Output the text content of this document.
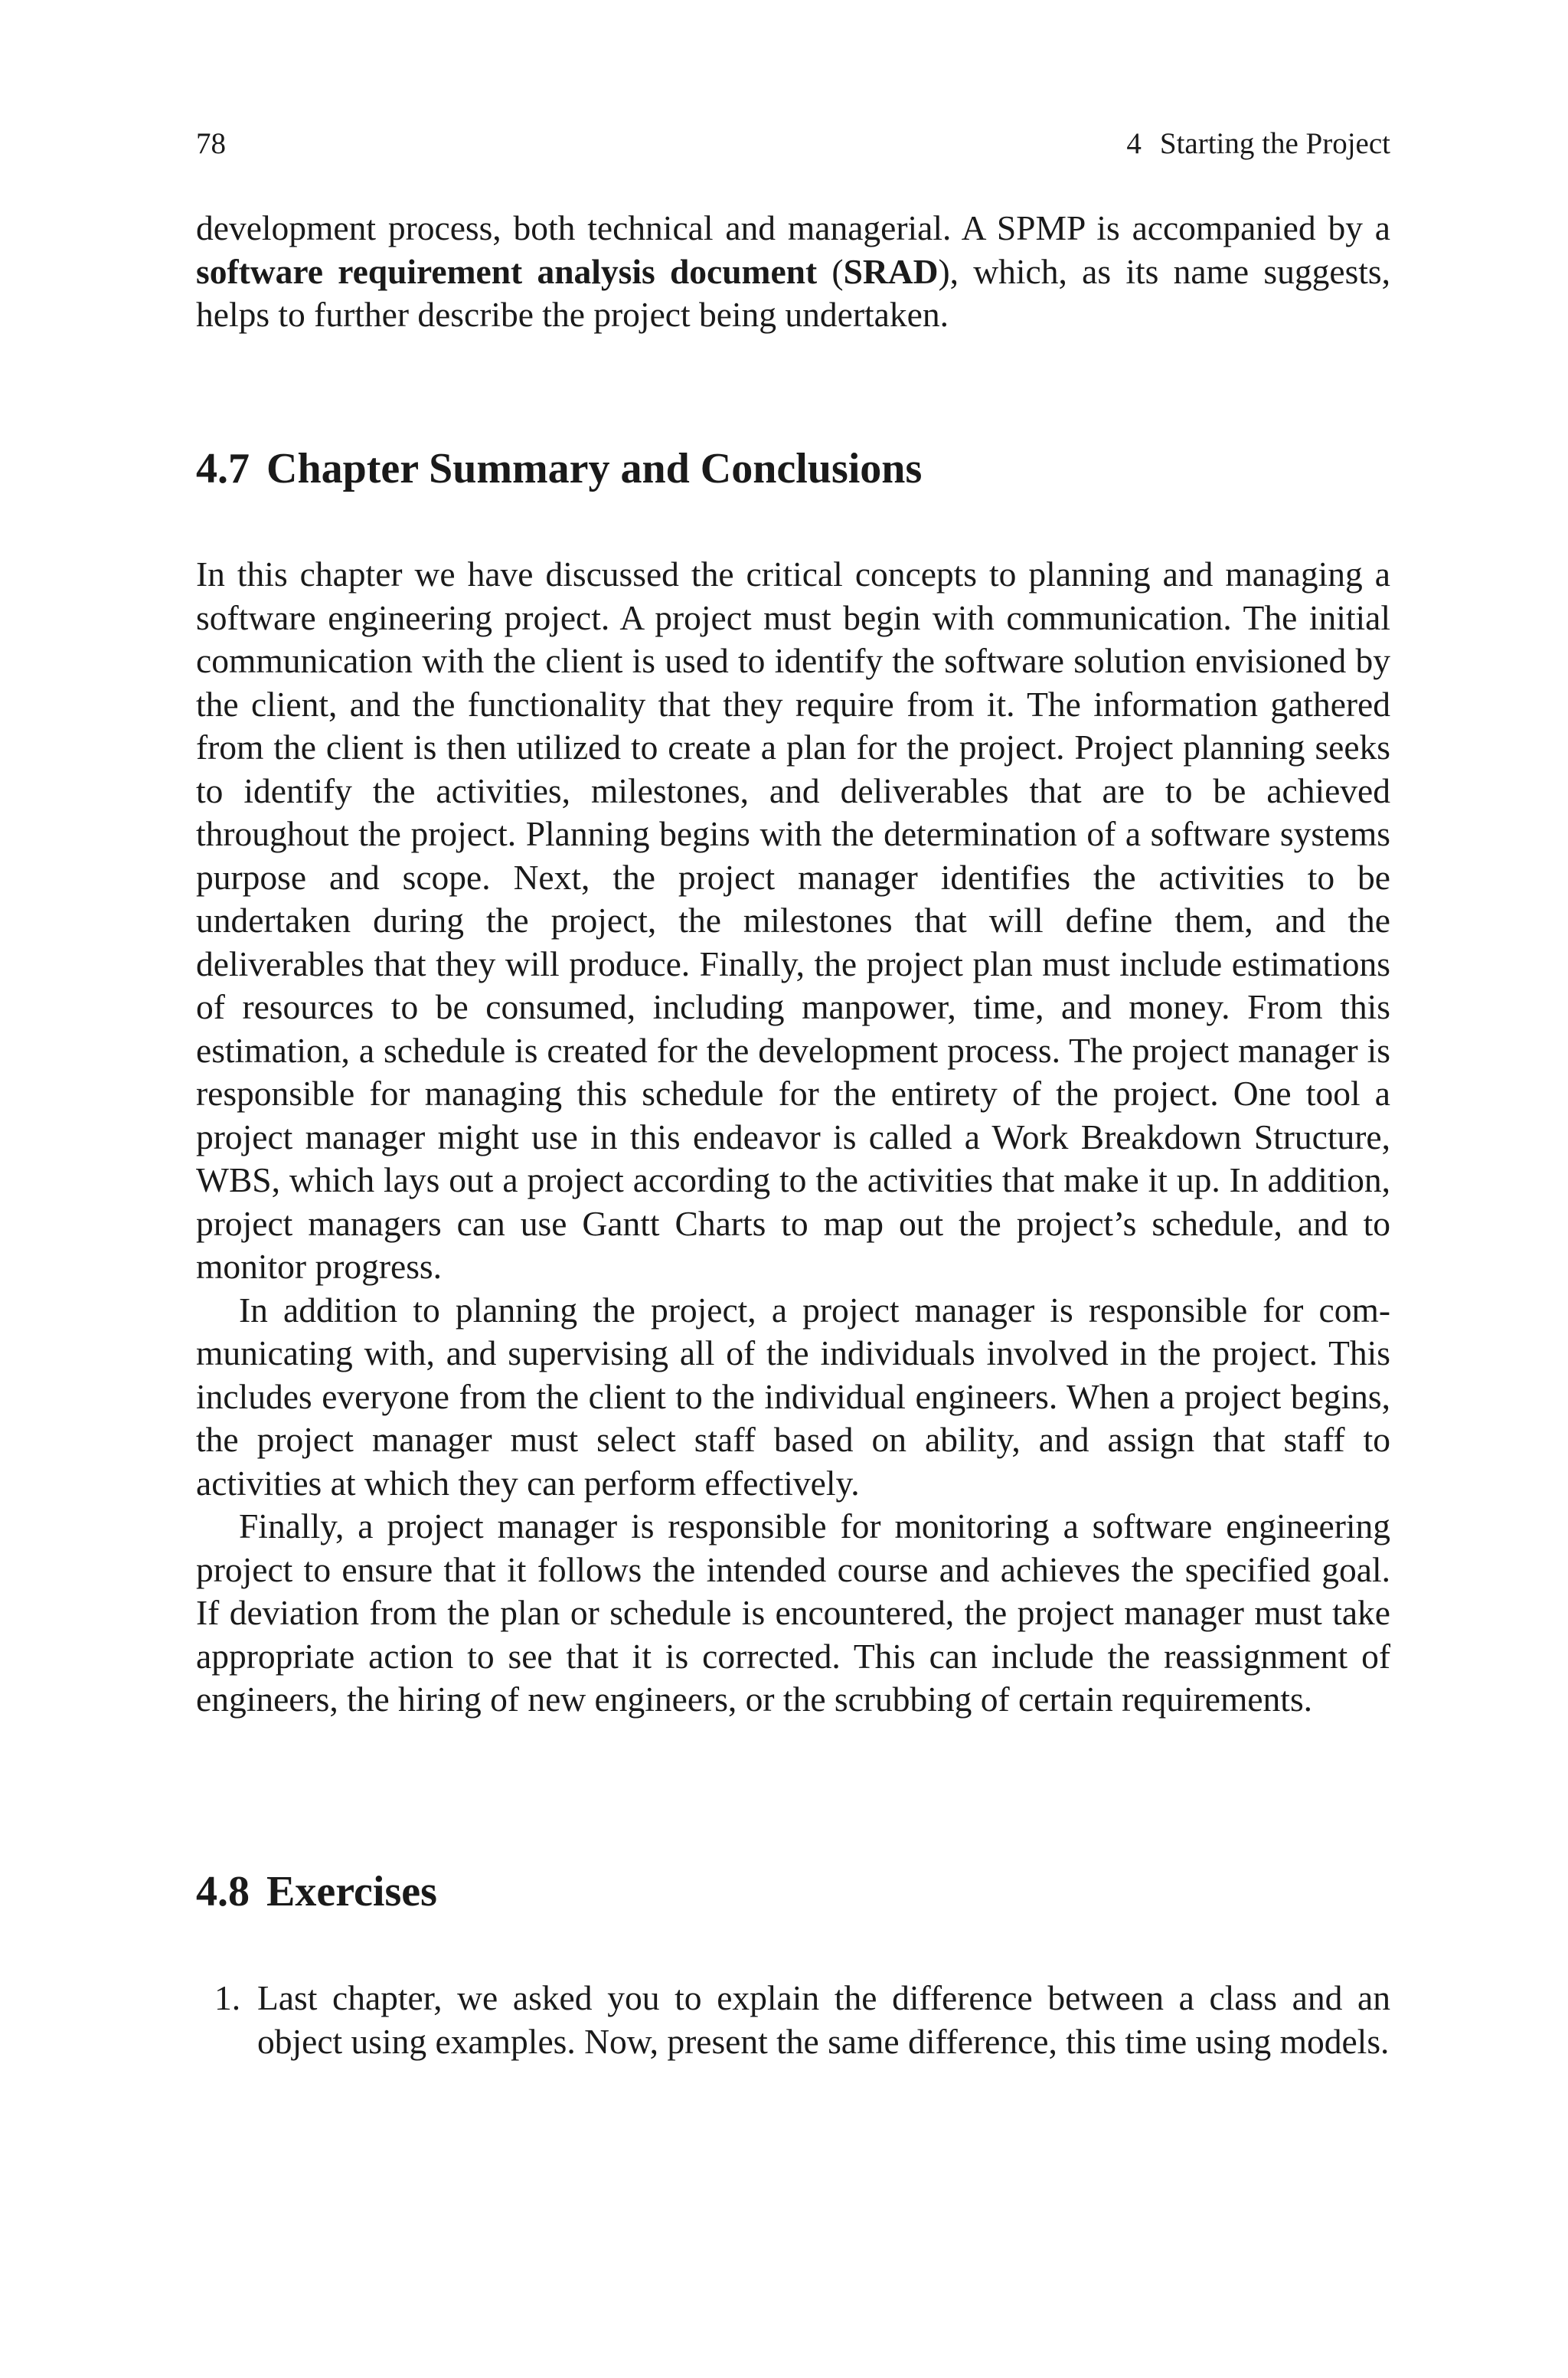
78	4 Starting the Project

development process, both technical and managerial. A SPMP is accompanied by a software requirement analysis document (SRAD), which, as its name suggests, helps to further describe the project being undertaken.

4.7 Chapter Summary and Conclusions

In this chapter we have discussed the critical concepts to planning and managing a software engineering project. A project must begin with communication. The initial communication with the client is used to identify the software solution envisioned by the client, and the functionality that they require from it. The information gathered from the client is then utilized to create a plan for the project. Project planning seeks to identify the activities, milestones, and deliverables that are to be achieved throughout the project. Planning begins with the determination of a software systems purpose and scope. Next, the project manager identifies the activities to be undertaken during the project, the milestones that will define them, and the deliverables that they will produce. Finally, the project plan must include estimations of resources to be consumed, including manpower, time, and money. From this estimation, a schedule is created for the development process. The project manager is responsible for managing this schedule for the entirety of the project. One tool a project manager might use in this endeavor is called a Work Breakdown Structure, WBS, which lays out a project according to the activities that make it up. In addition, project managers can use Gantt Charts to map out the project’s schedule, and to monitor progress.

In addition to planning the project, a project manager is responsible for communicating with, and supervising all of the individuals involved in the project. This includes everyone from the client to the individual engineers. When a project begins, the project manager must select staff based on ability, and assign that staff to activities at which they can perform effectively.

Finally, a project manager is responsible for monitoring a software engineering project to ensure that it follows the intended course and achieves the specified goal. If deviation from the plan or schedule is encountered, the project manager must take appropriate action to see that it is corrected. This can include the reassignment of engineers, the hiring of new engineers, or the scrubbing of certain requirements.

4.8 Exercises
1. Last chapter, we asked you to explain the difference between a class and an object using examples. Now, present the same difference, this time using models.
